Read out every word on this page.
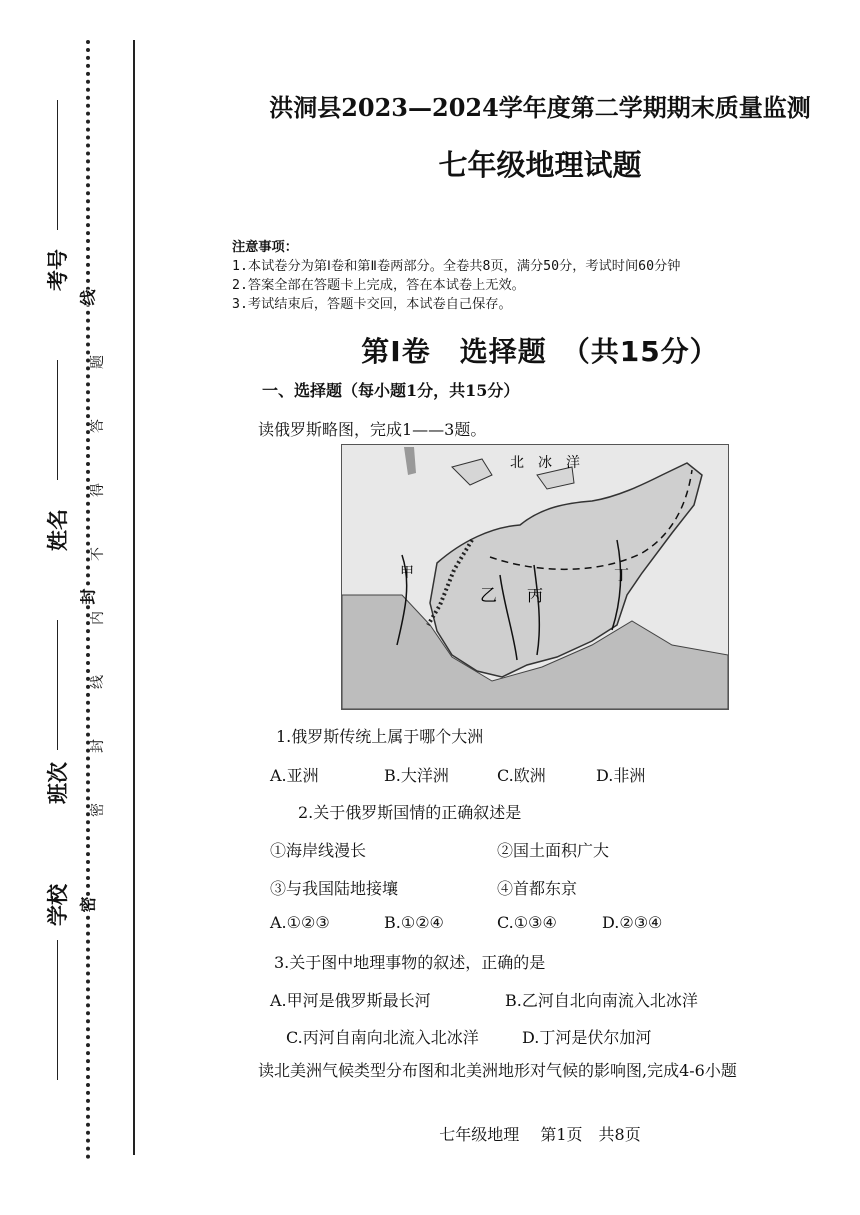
考号
姓名
班次
学校
线
封
密
题
答
得
不
内
线
封
密
洪洞县2023—2024学年度第二学期期末质量监测
七年级地理试题
注意事项：
1.本试卷分为第Ⅰ卷和第Ⅱ卷两部分。全卷共8页，满分50分，考试时间60分钟
2.答案全部在答题卡上完成，答在本试卷上无效。
3.考试结束后，答题卡交回，本试卷自己保存。
第Ⅰ卷　选择题　（共15分）
一、选择题（每小题1分，共15分）
读俄罗斯略图，完成1——3题。
北　冰　洋
甲
乙 丙
丁
1.俄罗斯传统上属于哪个大洲
A.亚洲	B.大洋洲	C.欧洲	D.非洲
2.关于俄罗斯国情的正确叙述是
①海岸线漫长	②国土面积广大
③与我国陆地接壤	④首都东京
A.①②③	B.①②④	C.①③④	D.②③④
3.关于图中地理事物的叙述，正确的是
A.甲河是俄罗斯最长河	B.乙河自北向南流入北冰洋
C.丙河自南向北流入北冰洋	D.丁河是伏尔加河
读北美洲气候类型分布图和北美洲地形对气候的影响图,完成4-6小题
七年级地理　 第1页　共8页
